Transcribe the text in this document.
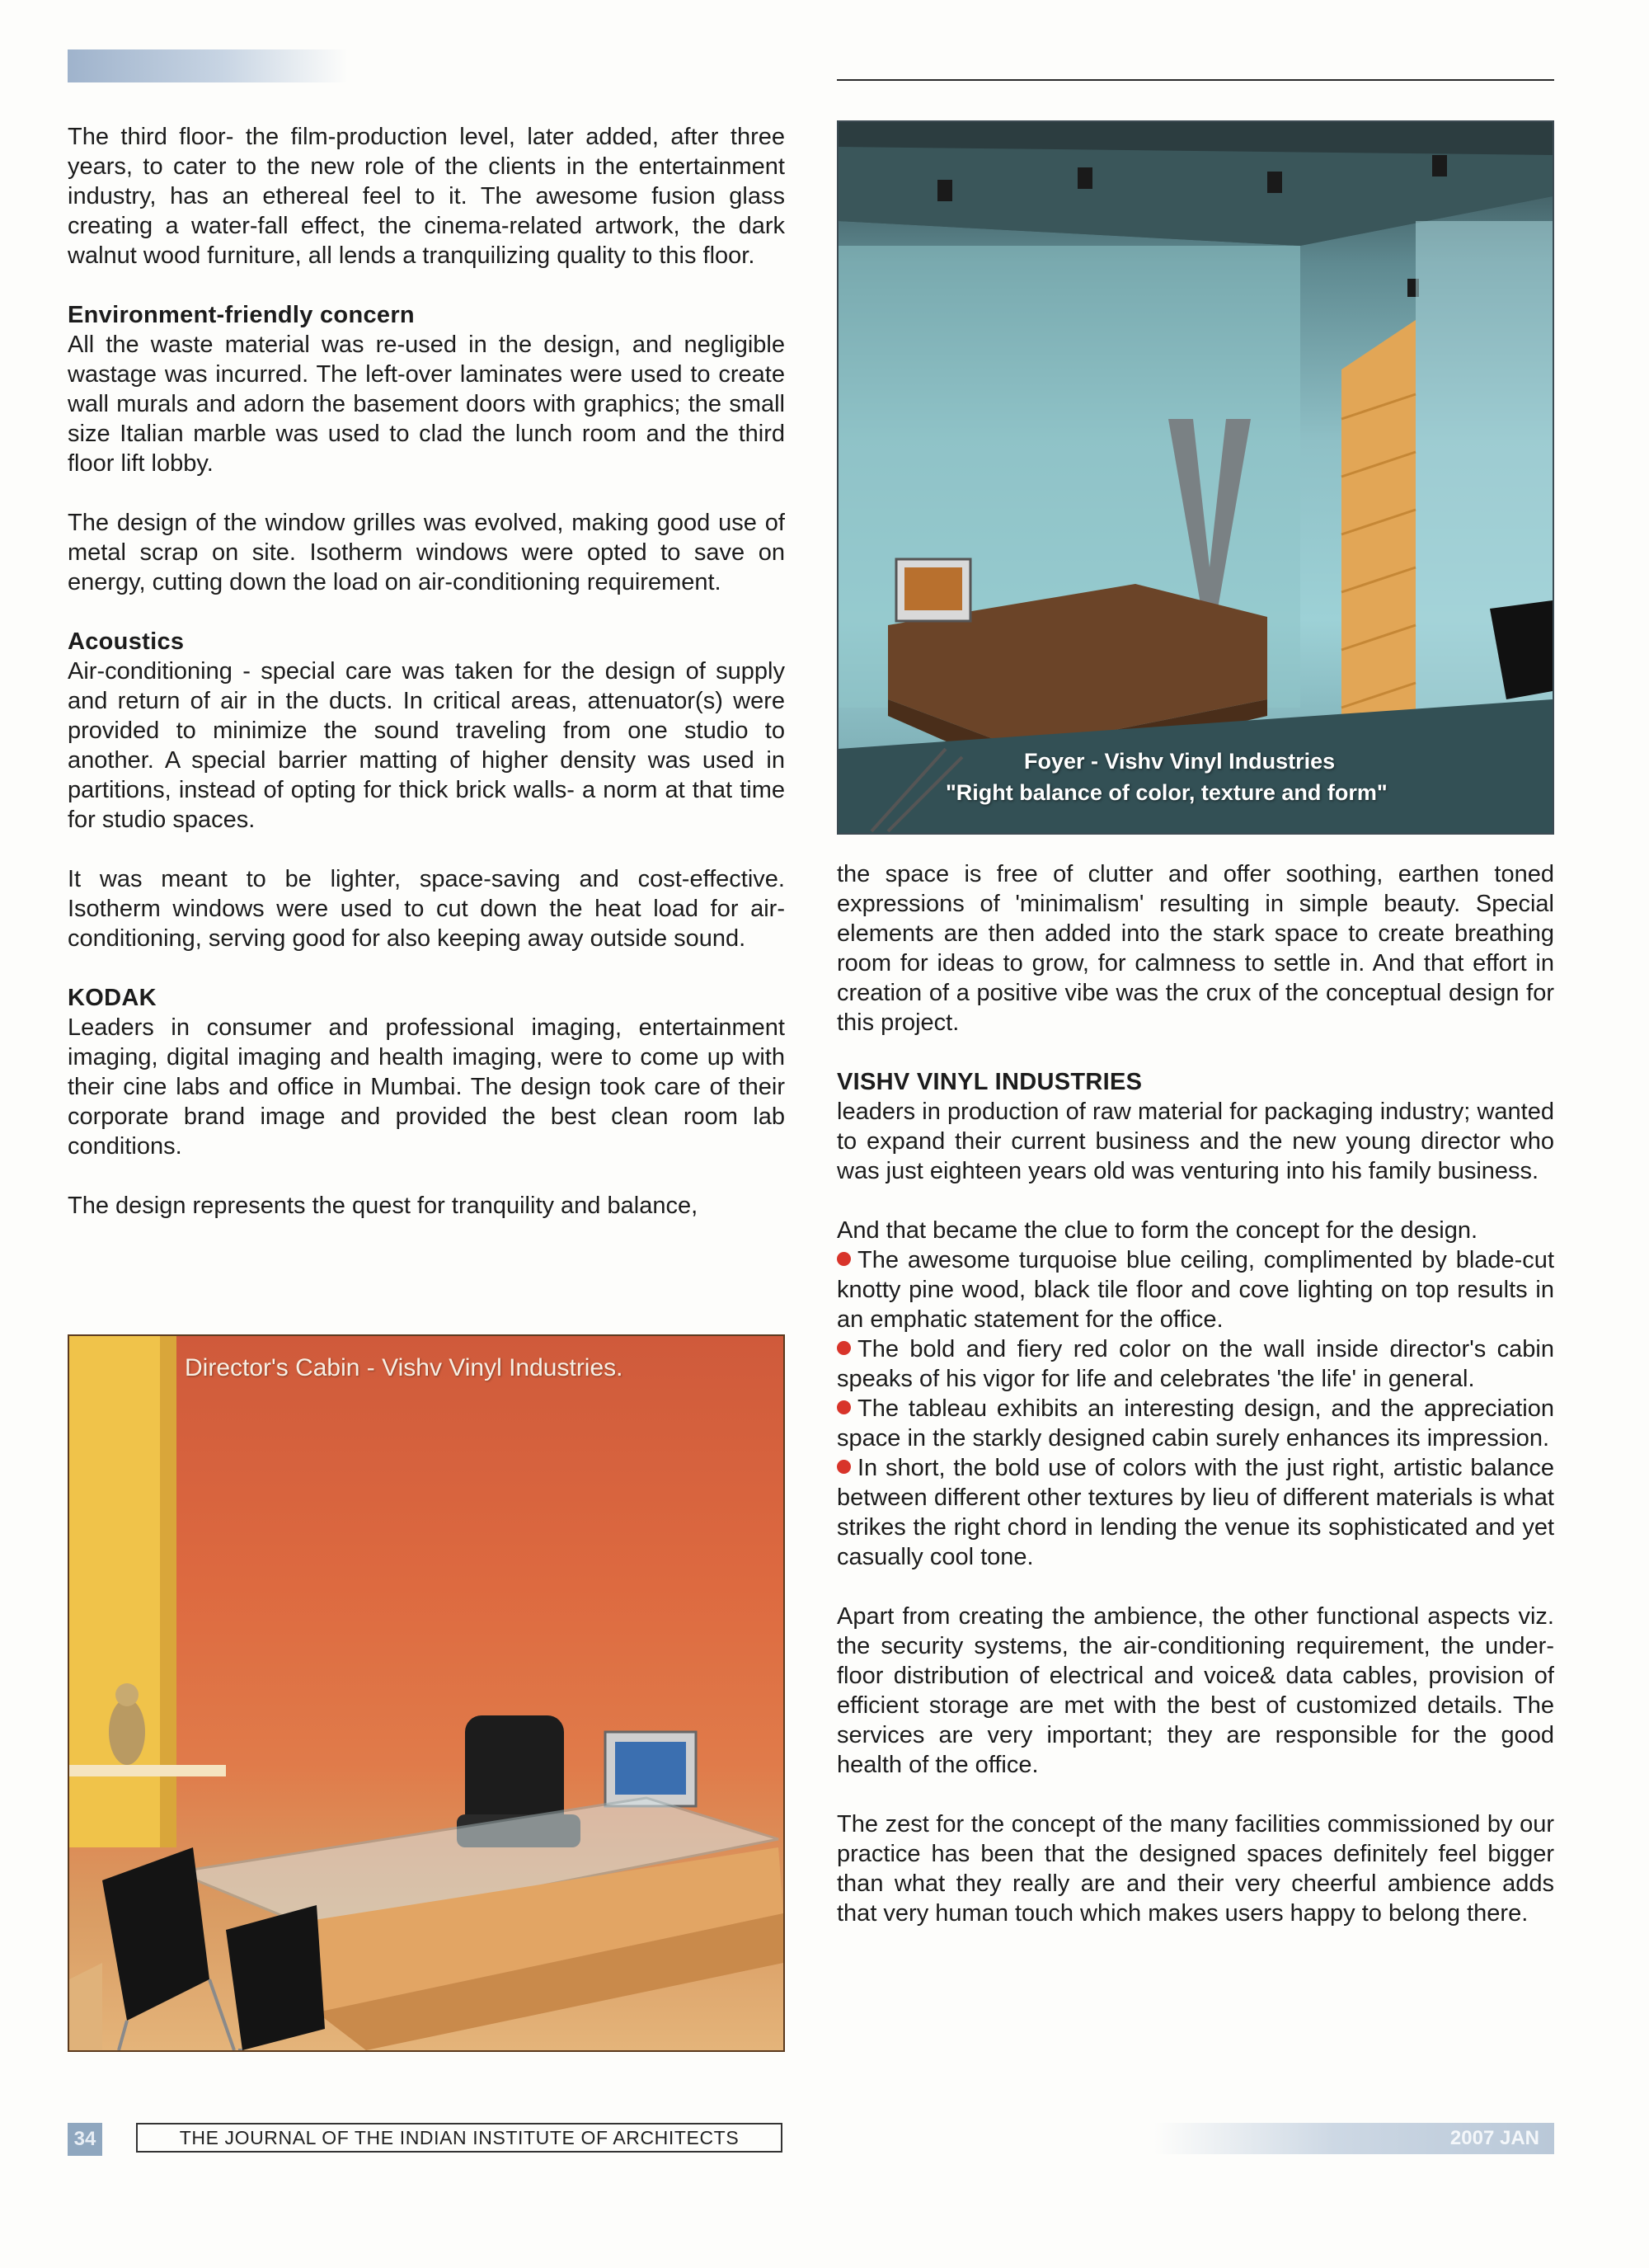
The third floor- the film-production level, later added, after three years, to cater to the new role of the clients in the entertainment industry, has an ethereal feel to it. The awesome fusion glass creating a water-fall effect, the cinema-related artwork, the dark walnut wood furniture, all lends a tranquilizing quality to this floor.

Environment-friendly concern

All the waste material was re-used in the design, and negligible wastage was incurred. The left-over laminates were used to create wall murals and adorn the basement doors with graphics; the small size Italian marble was used to clad the lunch room and the third floor lift lobby.

The design of the window grilles was evolved, making good use of metal scrap on site. Isotherm windows were opted to save on energy, cutting down the load on air-conditioning requirement.

Acoustics

Air-conditioning - special care was taken for the design of supply and return of air in the ducts. In critical areas, attenuator(s) were provided to minimize the sound traveling from one studio to another. A special barrier matting of higher density was used in partitions, instead of opting for thick brick walls- a norm at that time for studio spaces.

It was meant to be lighter, space-saving and cost-effective. Isotherm windows were used to cut down the heat load for air-conditioning, serving good for also keeping away outside sound.

KODAK

Leaders in consumer and professional imaging, entertainment imaging, digital imaging and health imaging, were to come up with their cine labs and office in Mumbai. The design took care of their corporate brand image and provided the best clean room lab conditions.

The design represents the quest for tranquility and balance,

Foyer - Vishv Vinyl Industries
"Right balance of color, texture and form"

the space is free of clutter and offer soothing, earthen toned expressions of 'minimalism' resulting in simple beauty. Special elements are then added into the stark space to create breathing room for ideas to grow, for calmness to settle in. And that effort in creation of a positive vibe was the crux of the conceptual design for this project.

VISHV VINYL INDUSTRIES

leaders in production of raw material for packaging industry; wanted to expand their current business and the new young director who was just eighteen years old was venturing into his family business.

And that became the clue to form the concept for the design.
The awesome turquoise blue ceiling, complimented by blade-cut knotty pine wood, black tile floor and cove lighting on top results in an emphatic statement for the office.
The bold and fiery red color on the wall inside director's cabin speaks of his vigor for life and celebrates 'the life' in general.
The tableau exhibits an interesting design, and the appreciation space in the starkly designed cabin surely enhances its impression.
In short, the bold use of colors with the just right, artistic balance between different other textures by lieu of different materials is what strikes the right chord in lending the venue its sophisticated and yet casually cool tone.

Apart from creating the ambience, the other functional aspects viz. the security systems, the air-conditioning requirement, the under-floor distribution of electrical and voice& data cables, provision of efficient storage are met with the best of customized details. The services are very important; they are responsible for the good health of the office.

The zest for the concept of the many facilities commissioned by our practice has been that the designed spaces definitely feel bigger than what they really are and their very cheerful ambience adds that very human touch which makes users happy to belong there.

Director's Cabin - Vishv Vinyl Industries.
34	THE JOURNAL OF THE INDIAN INSTITUTE OF ARCHITECTS	2007 JAN
